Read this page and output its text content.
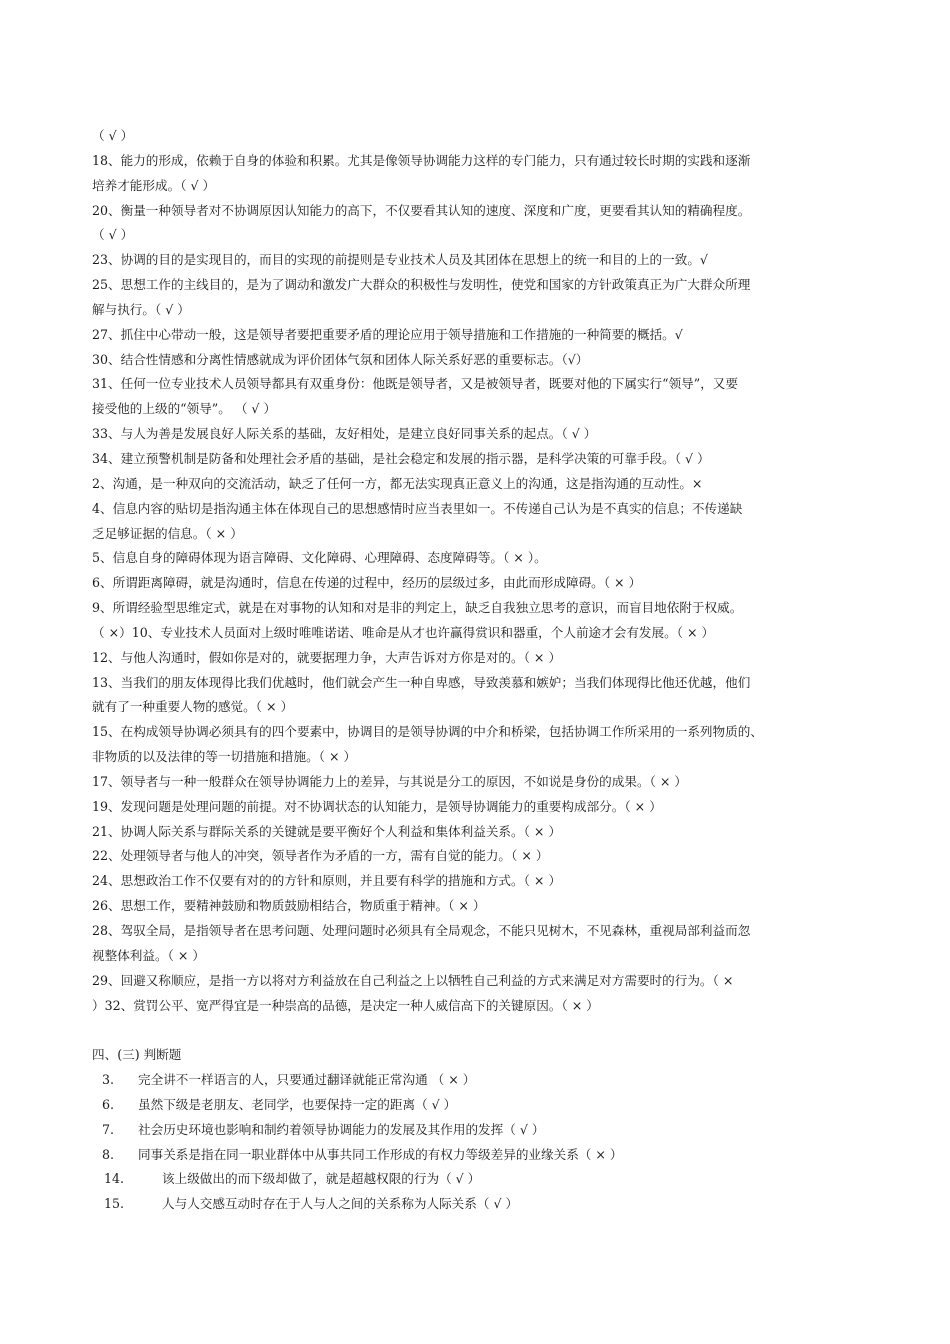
（ √ ）
18、能力的形成，依赖于自身的体验和积累。尤其是像领导协调能力这样的专门能力，只有通过较长时期的实践和逐渐
培养才能形成。（ √ ）
20、衡量一种领导者对不协调原因认知能力的高下，不仅要看其认知的速度、深度和广度，更要看其认知的精确程度。
（ √ ）
23、协调的目的是实现目的，而目的实现的前提则是专业技术人员及其团体在思想上的统一和目的上的一致。√
25、思想工作的主线目的，是为了调动和激发广大群众的积极性与发明性，使党和国家的方针政策真正为广大群众所理
解与执行。（ √ ）
27、抓住中心带动一般，这是领导者要把重要矛盾的理论应用于领导措施和工作措施的一种简要的概括。√
30、结合性情感和分离性情感就成为评价团体气氛和团体人际关系好恶的重要标志。（√）
31、任何一位专业技术人员领导都具有双重身份：他既是领导者，又是被领导者，既要对他的下属实行“领导”，又要
接受他的上级的“领导”。 （ √ ）
33、与人为善是发展良好人际关系的基础，友好相处，是建立良好同事关系的起点。（ √ ）
34、建立预警机制是防备和处理社会矛盾的基础，是社会稳定和发展的指示器，是科学决策的可靠手段。（ √ ）
2、沟通，是一种双向的交流活动，缺乏了任何一方，都无法实现真正意义上的沟通，这是指沟通的互动性。×
4、信息内容的贴切是指沟通主体在体现自己的思想感情时应当表里如一。不传递自己认为是不真实的信息；不传递缺
乏足够证据的信息。（ × ）
5、信息自身的障碍体现为语言障碍、文化障碍、心理障碍、态度障碍等。（ × ）。
6、所谓距离障碍，就是沟通时，信息在传递的过程中，经历的层级过多，由此而形成障碍。（ × ）
9、所谓经验型思维定式，就是在对事物的认知和对是非的判定上，缺乏自我独立思考的意识，而盲目地依附于权威。
（ ×）10、专业技术人员面对上级时唯唯诺诺、唯命是从才也许赢得赏识和器重，个人前途才会有发展。（ × ）
12、与他人沟通时，假如你是对的，就要据理力争，大声告诉对方你是对的。（ × ）
13、当我们的朋友体现得比我们优越时，他们就会产生一种自卑感，导致羡慕和嫉妒；当我们体现得比他还优越，他们
就有了一种重要人物的感觉。（ × ）
15、在构成领导协调必须具有的四个要素中，协调目的是领导协调的中介和桥梁，包括协调工作所采用的一系列物质的、
非物质的以及法律的等一切措施和措施。（ × ）
17、领导者与一种一般群众在领导协调能力上的差异，与其说是分工的原因，不如说是身份的成果。（ × ）
19、发现问题是处理问题的前提。对不协调状态的认知能力，是领导协调能力的重要构成部分。（ × ）
21、协调人际关系与群际关系的关键就是要平衡好个人利益和集体利益关系。（ × ）
22、处理领导者与他人的冲突，领导者作为矛盾的一方，需有自觉的能力。（ × ）
24、思想政治工作不仅要有对的的方针和原则，并且要有科学的措施和方式。（ × ）
26、思想工作，要精神鼓励和物质鼓励相结合，物质重于精神。（ × ）
28、驾驭全局，是指领导者在思考问题、处理问题时必须具有全局观念，不能只见树木，不见森林，重视局部利益而忽
视整体利益。（ × ）
29、回避又称顺应，是指一方以将对方利益放在自己利益之上以牺牲自己利益的方式来满足对方需要时的行为。（ ×
）32、赏罚公平、宽严得宜是一种崇高的品德，是决定一种人威信高下的关键原因。（ × ）
四、(三) 判断题
3. 完全讲不一样语言的人，只要通过翻译就能正常沟通 （ × ）
6. 虽然下级是老朋友、老同学，也要保持一定的距离（ √ ）
7. 社会历史环境也影响和制约着领导协调能力的发展及其作用的发挥（ √ ）
8. 同事关系是指在同一职业群体中从事共同工作形成的有权力等级差异的业缘关系（ × ）
14.	该上级做出的而下级却做了，就是超越权限的行为（ √ ）
15.	人与人交感互动时存在于人与人之间的关系称为人际关系（ √ ）
